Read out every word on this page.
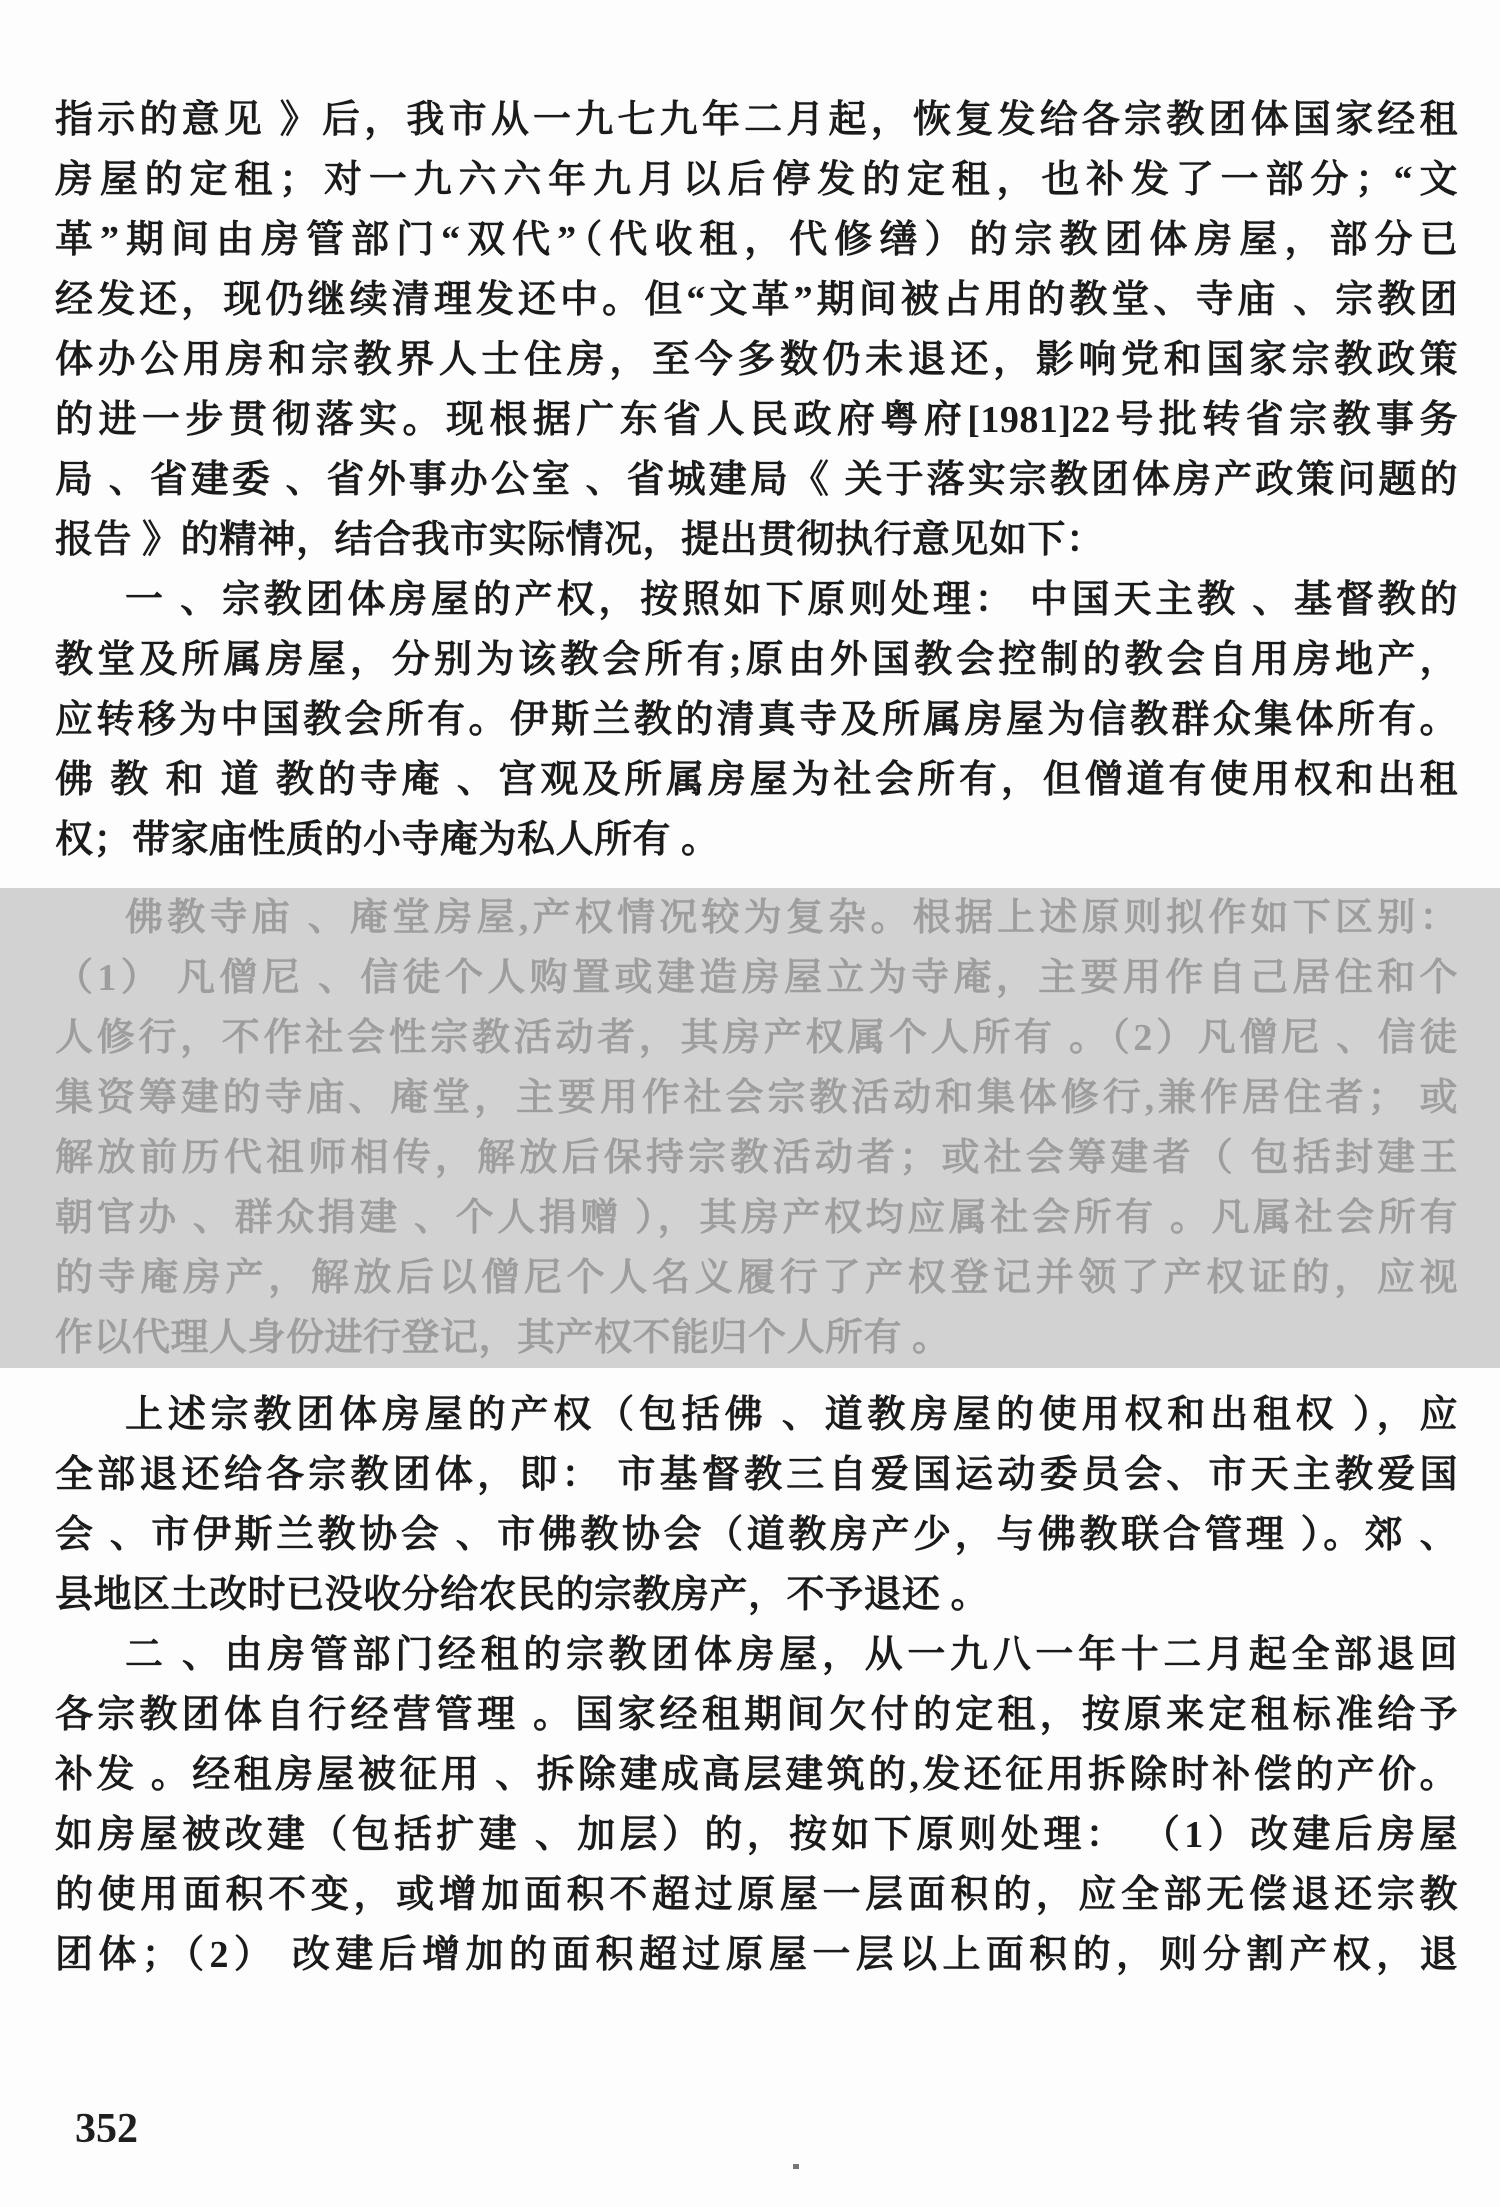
指示的意见 》后，我市从一九七九年二月起，恢复发给各宗教团体国家经租
房屋的定租；对一九六六年九月以后停发的定租，也补发了一部分；“文
革”期间由房管部门“双代”（代收租，代修缮）的宗教团体房屋，部分已
经发还，现仍继续清理发还中。但“文革”期间被占用的教堂、寺庙 、宗教团
体办公用房和宗教界人士住房，至今多数仍未退还，影响党和国家宗教政策
的进一步贯彻落实。现根据广东省人民政府粤府[1981]22号批转省宗教事务
局 、省建委 、省外事办公室 、省城建局《 关于落实宗教团体房产政策问题的
报告 》的精神，结合我市实际情况，提出贯彻执行意见如下：
一 、宗教团体房屋的产权，按照如下原则处理： 中国天主教 、基督教的
教堂及所属房屋，分别为该教会所有;原由外国教会控制的教会自用房地产，
应转移为中国教会所有。伊斯兰教的清真寺及所属房屋为信教群众集体所有。
佛 教 和 道 教的寺庵 、宫观及所属房屋为社会所有，但僧道有使用权和出租
权；带家庙性质的小寺庵为私人所有 。
佛教寺庙 、庵堂房屋,产权情况较为复杂。根据上述原则拟作如下区别：
（1） 凡僧尼 、信徒个人购置或建造房屋立为寺庵，主要用作自己居住和个
人修行，不作社会性宗教活动者，其房产权属个人所有 。（2）凡僧尼 、信徒
集资筹建的寺庙、庵堂，主要用作社会宗教活动和集体修行,兼作居住者； 或
解放前历代祖师相传，解放后保持宗教活动者；或社会筹建者（ 包括封建王
朝官办 、群众捐建 、个人捐赠 ），其房产权均应属社会所有 。凡属社会所有
的寺庵房产，解放后以僧尼个人名义履行了产权登记并领了产权证的，应视
作以代理人身份进行登记，其产权不能归个人所有 。
上述宗教团体房屋的产权（包括佛 、道教房屋的使用权和出租权 ），应
全部退还给各宗教团体，即： 市基督教三自爱国运动委员会、市天主教爱国
会 、市伊斯兰教协会 、市佛教协会（道教房产少，与佛教联合管理 ）。郊 、
县地区土改时已没收分给农民的宗教房产，不予退还 。
二 、由房管部门经租的宗教团体房屋，从一九八一年十二月起全部退回
各宗教团体自行经营管理 。国家经租期间欠付的定租，按原来定租标准给予
补发 。经租房屋被征用 、拆除建成高层建筑的,发还征用拆除时补偿的产价。
如房屋被改建（包括扩建 、加层）的，按如下原则处理： （1）改建后房屋
的使用面积不变，或增加面积不超过原屋一层面积的，应全部无偿退还宗教
团体；（2） 改建后增加的面积超过原屋一层以上面积的，则分割产权，退
352
